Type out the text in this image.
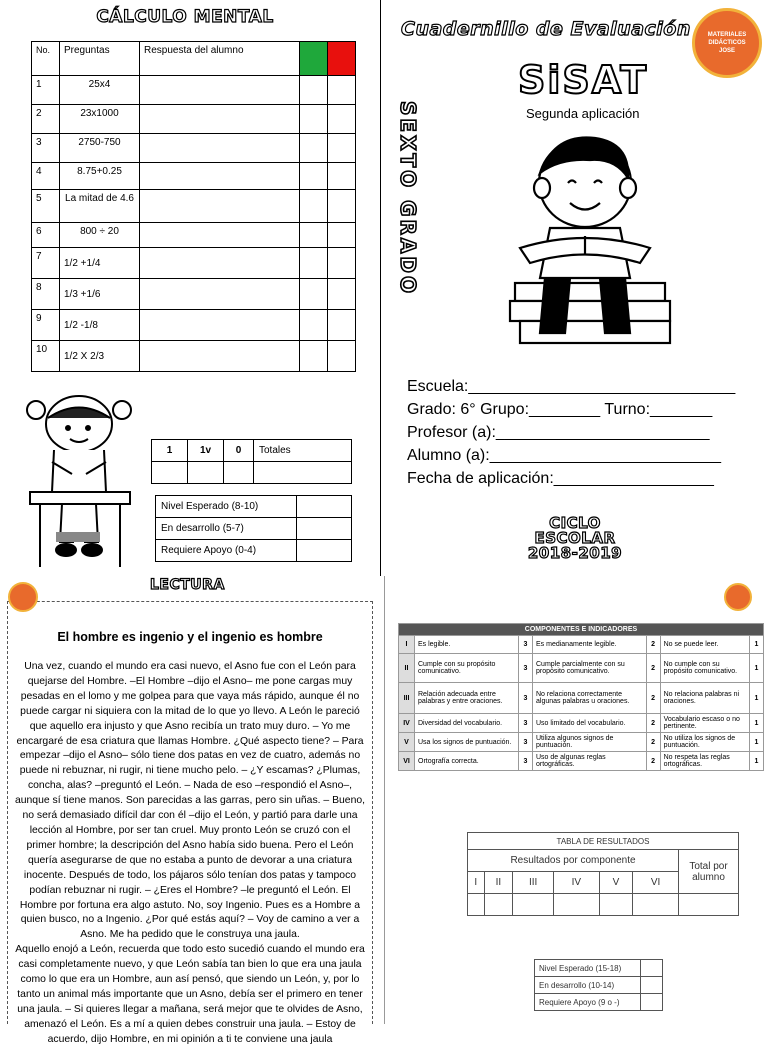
CÁLCULO MENTAL
No.	Preguntas	Respuesta del alumno		
1	25x4			
2	23x1000			
3	2750-750			
4	8.75+0.25			
5	La mitad de 4.6			
6	800 ÷ 20			
7	1/2 +1/4			
8	1/3 +1/6			
9	1/2 -1/8			
10	1/2 X 2/3			
1	1v	0	Totales

Nivel Esperado (8-10)	
En desarrollo (5-7)	
Requiere Apoyo (0-4)	
Cuadernillo de Evaluación	MATERIALES DIDÁCTICOS JOSE
SiSAT
Segunda aplicación
SEXTO GRADO
Escuela:______________________________
Grado: 6° Grupo:________ Turno:_______
Profesor (a):________________________
Alumno (a):__________________________
Fecha de aplicación:__________________
CICLO ESCOLAR
2018-2019
LECTURA
El hombre es ingenio y el ingenio es hombre

Una vez, cuando el mundo era casi nuevo, el Asno fue con el León para quejarse del Hombre. –El Hombre –dijo el Asno– me pone cargas muy pesadas en el lomo y me golpea para que vaya más rápido, aunque él no puede cargar ni siquiera con la mitad de lo que yo llevo. A León le pareció que aquello era injusto y que Asno recibía un trato muy duro. – Yo me encargaré de esa criatura que llamas Hombre. ¿Qué aspecto tiene? – Para empezar –dijo el Asno– sólo tiene dos patas en vez de cuatro, además no puede ni rebuznar, ni rugir, ni tiene mucho pelo. – ¿Y escamas? ¿Plumas, concha, alas? –preguntó el León. – Nada de eso –respondió el Asno–, aunque sí tiene manos. Son parecidas a las garras, pero sin uñas. – Bueno, no será demasiado difícil dar con él –dijo el León, y partió para darle una lección al Hombre, por ser tan cruel. Muy pronto León se cruzó con el primer hombre; la descripción del Asno había sido buena. Pero el León quería asegurarse de que no estaba a punto de devorar a una criatura inocente. Después de todo, los pájaros sólo tenían dos patas y tampoco podían rebuznar ni rugir. – ¿Eres el Hombre? –le preguntó el León. El Hombre por fortuna era algo astuto. No, soy Ingenio. Pues es a Hombre a quien busco, no a Ingenio. ¿Por qué estás aquí? – Voy de camino a ver a Asno. Me ha pedido que le construya una jaula.

Aquello enojó a León, recuerda que todo esto sucedió cuando el mundo era casi completamente nuevo, y que León sabía tan bien lo que era una jaula como lo que era un Hombre, aun así pensó, que siendo un León, y, por lo tanto un animal más importante que un Asno, debía ser el primero en tener una jaula. – Si quieres llegar a mañana, será mejor que te olvides de Asno, amenazó el León. Es a mí a quien debes construir una jaula. – Estoy de acuerdo, dijo Hombre, en mi opinión a ti te conviene una jaula

COMPONENTES E INDICADORES						
I	Es legible.	3	Es medianamente legible.	2	No se puede leer.	1
II	Cumple con su propósito comunicativo.	3	Cumple parcialmente con su propósito comunicativo.	2	No cumple con su propósito comunicativo.	1
III	Relación adecuada entre palabras y entre oraciones.	3	No relaciona correctamente algunas palabras u oraciones.	2	No relaciona palabras ni oraciones.	1
IV	Diversidad del vocabulario.	3	Uso limitado del vocabulario.	2	Vocabulario escaso o no pertinente.	1
V	Usa los signos de puntuación.	3	Utiliza algunos signos de puntuación.	2	No utiliza los signos de puntuación.	1
VI	Ortografía correcta.	3	Uso de algunas reglas ortográficas.	2	No respeta las reglas ortográficas.	1
TABLA DE RESULTADOS						
Resultados por componente						Total por alumno
I	II	III	IV	V	VI	

Nivel Esperado (15-18)	
En desarrollo (10-14)	
Requiere Apoyo (9 o -)	
